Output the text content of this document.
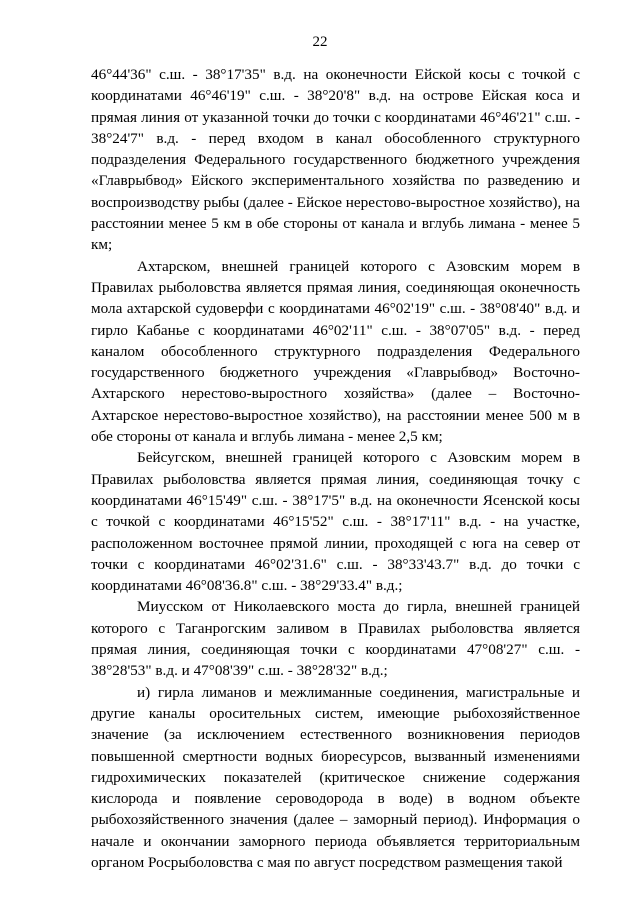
22

46°44'36" с.ш. - 38°17'35" в.д. на оконечности Ейской косы с точкой с координатами 46°46'19" с.ш. - 38°20'8" в.д. на острове Ейская коса и прямая линия от указанной точки до точки с координатами 46°46'21" с.ш. - 38°24'7" в.д. - перед входом в канал обособленного структурного подразделения Федерального государственного бюджетного учреждения «Главрыбвод» Ейского экспериментального хозяйства по разведению и воспроизводству рыбы (далее - Ейское нерестово-выростное хозяйство), на расстоянии менее 5 км в обе стороны от канала и вглубь лимана - менее 5 км;

Ахтарском, внешней границей которого с Азовским морем в Правилах рыболовства является прямая линия, соединяющая оконечность мола ахтарской судоверфи с координатами 46°02'19" с.ш. - 38°08'40" в.д. и гирло Кабанье с координатами 46°02'11" с.ш. - 38°07'05" в.д. - перед каналом обособленного структурного подразделения Федерального государственного бюджетного учреждения «Главрыбвод» Восточно-Ахтарского нерестово-выростного хозяйства» (далее – Восточно-Ахтарское нерестово-выростное хозяйство), на расстоянии менее 500 м в обе стороны от канала и вглубь лимана - менее 2,5 км;

Бейсугском, внешней границей которого с Азовским морем в Правилах рыболовства является прямая линия, соединяющая точку с координатами 46°15'49" с.ш. - 38°17'5" в.д. на оконечности Ясенской косы с точкой с координатами 46°15'52" с.ш. - 38°17'11" в.д. - на участке, расположенном восточнее прямой линии, проходящей с юга на север от точки с координатами 46°02'31.6" с.ш. - 38°33'43.7" в.д. до точки с координатами 46°08'36.8" с.ш. - 38°29'33.4" в.д.;

Миусском от Николаевского моста до гирла, внешней границей которого с Таганрогским заливом в Правилах рыболовства является прямая линия, соединяющая точки с координатами 47°08'27" с.ш. - 38°28'53" в.д. и 47°08'39" с.ш. - 38°28'32" в.д.;

и) гирла лиманов и межлиманные соединения, магистральные и другие каналы оросительных систем, имеющие рыбохозяйственное значение (за исключением естественного возникновения периодов повышенной смертности водных биоресурсов, вызванный изменениями гидрохимических показателей (критическое снижение содержания кислорода и появление сероводорода в воде) в водном объекте рыбохозяйственного значения (далее – заморный период). Информация о начале и окончании заморного периода объявляется территориальным органом Росрыболовства с мая по август посредством размещения такой
